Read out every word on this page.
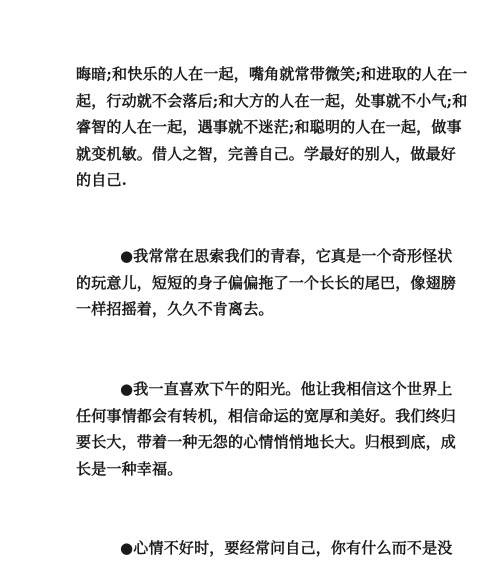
晦暗;和快乐的人在一起，嘴角就常带微笑;和进取的人在一
起，行动就不会落后;和大方的人在一起，处事就不小气;和
睿智的人在一起，遇事就不迷茫;和聪明的人在一起，做事
就变机敏。借人之智，完善自己。学最好的别人，做最好
的自己.
●我常常在思索我们的青春，它真是一个奇形怪状
的玩意儿，短短的身子偏偏拖了一个长长的尾巴，像翅膀
一样招摇着，久久不肯离去。
●我一直喜欢下午的阳光。他让我相信这个世界上
任何事情都会有转机，相信命运的宽厚和美好。我们终归
要长大，带着一种无怨的心情悄悄地长大。归根到底，成
长是一种幸福。
●心情不好时，要经常问自己，你有什么而不是没
